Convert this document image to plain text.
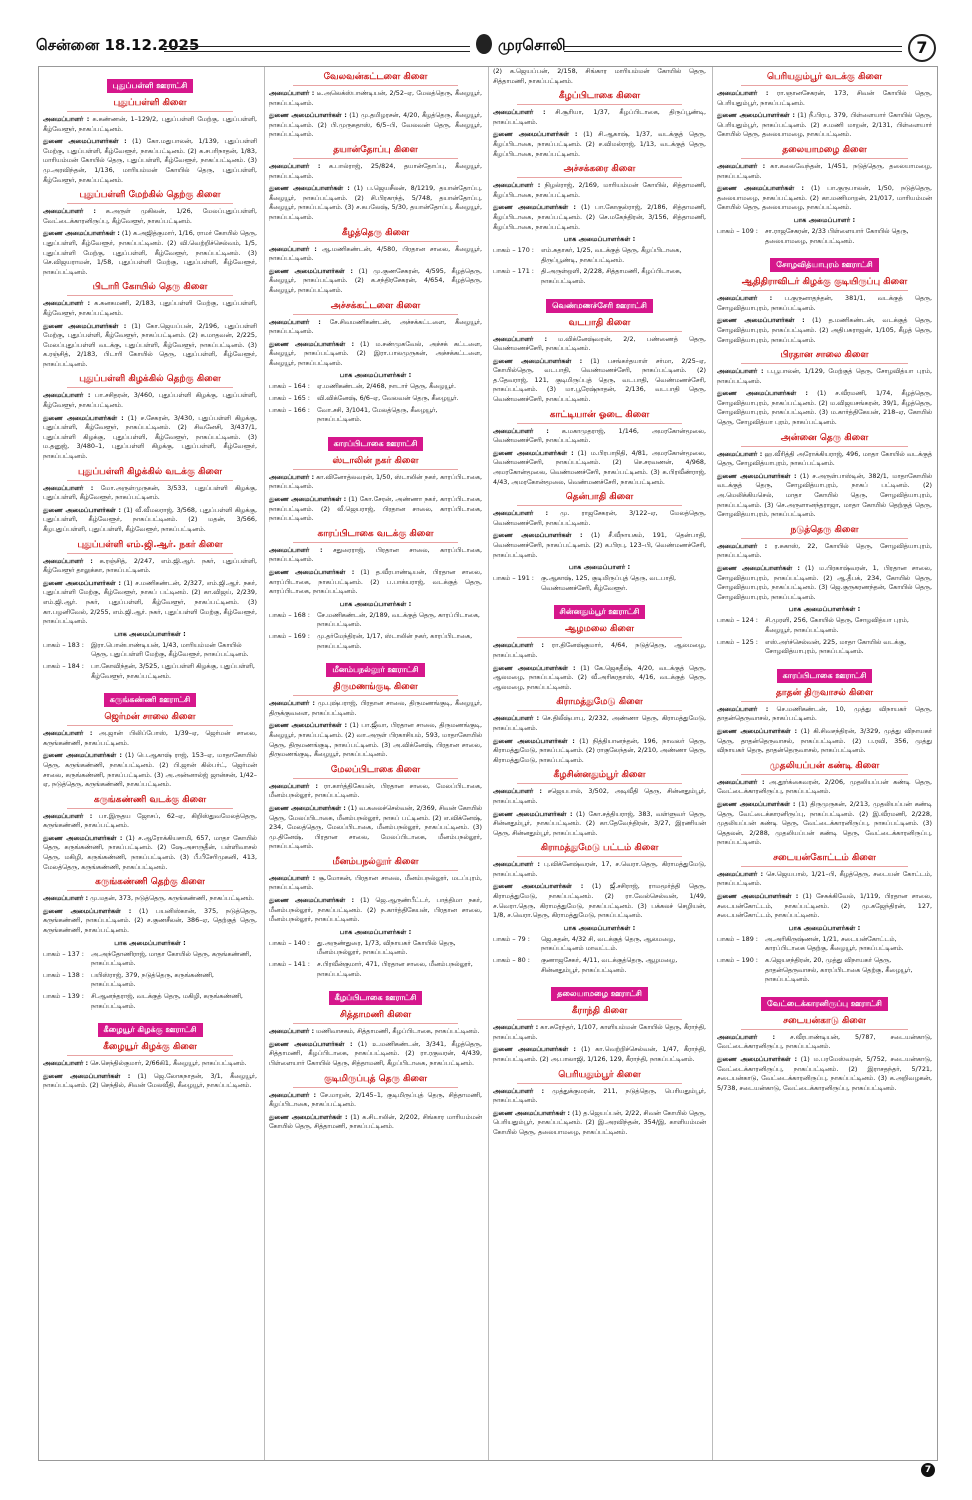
சென்னை 18.12.2025	முரசொலி	7
புதுப்பள்ளி ஊராட்சி
புதுப்பள்ளி கிளை
அமைப்பாளர் : க.கண்ணன், 1–129/2, புதுப்பள்ளி மேற்கு, புதுப்பள்ளி, கீழ்வேளூர், நாகப்பட்டினம்.
துணை அமைப்பாளர்கள் : (1) கோ.மதுபாலன், 1/139, புதுப்பள்ளி மேற்கு, புதுப்பள்ளி, கீழ்வேளூர், நாகப்பட்டினம். (2) க.சபரிநாதன், 1/83, மாரியம்மன் கோயில் தெரு, புதுப்பள்ளி, கீழ்வேளூர், நாகப்பட்டினம். (3) மு.அரவிந்தன், 1/136, மாரியம்மன் கோயில் தெரு, புதுப்பள்ளி, கீழ்வேளூர், நாகப்பட்டினம்.
புதுப்பள்ளி மேற்கில் தெற்கு கிளை
அமைப்பாளர் : க.அருள் முகிலன், 1/26, மேலப்புதுப்பள்ளி, வேட்டைக்காரனிருப்பு, கீழ்வேளூர், நாகப்பட்டினம்.
துணை அமைப்பாளர்கள் : (1) க.அஜித்குமார், 1/16, ராமர் கோயில் தெரு, புதுப்பள்ளி, கீழ்வேளூர், நாகப்பட்டினம். (2) வி.வெற்றிச்செல்வம், 1/5, புதுப்பள்ளி மேற்கு, புதுப்பள்ளி, கீழ்வேளூர், நாகப்பட்டினம். (3) செ.விஜயராமன், 1/58, புதுப்பள்ளி மேற்கு, புதுப்பள்ளி, கீழ்வேளூர், நாகப்பட்டினம்.
பிடாரி கோயில் தெரு கிளை
அமைப்பாளர் : க.கனகமணி, 2/183, புதுப்பள்ளி மேற்கு, புதுப்பள்ளி, கீழ்வேளூர், நாகப்பட்டினம்.
துணை அமைப்பாளர்கள் : (1) கோ.ஜெயப்பன், 2/196, புதுப்பள்ளி மேற்கு, புதுப்பள்ளி, கீழ்வேளூர், நாகப்பட்டினம். (2) க.மாதவன், 2/225, மேலப்புதுப்பள்ளி வடக்கு, புதுப்பள்ளி, கீழ்வேளூர், நாகப்பட்டினம். (3) க.ரஞ்சித், 2/183, பிடாரி கோயில் தெரு, புதுப்பள்ளி, கீழ்வேளூர், நாகப்பட்டினம்.
புதுப்பள்ளி கிழக்கில் தெற்கு கிளை
அமைப்பாளர் : பா.சசிதரன், 3/460, புதுப்பள்ளி கிழக்கு, புதுப்பள்ளி, கீழ்வேளூர், நாகப்பட்டினம்.
துணை அமைப்பாளர்கள் : (1) ச.சேகரன், 3/430, புதுப்பள்ளி கிழக்கு, புதுப்பள்ளி, கீழ்வேளூர், நாகப்பட்டினம். (2) சிவனேசி, 3/437/1, புதுப்பள்ளி கிழக்கு, புதுப்பள்ளி, கீழ்வேளூர், நாகப்பட்டினம். (3) ம.தனுஜ், 3/480–1, புதுப்பள்ளி கிழக்கு, புதுப்பள்ளி, கீழ்வேளூர், நாகப்பட்டினம்.
புதுப்பள்ளி கிழக்கில் வடக்கு கிளை
அமைப்பாளர் : மோ.அருள்முருகன், 3/533, புதுப்பள்ளி கிழக்கு, புதுப்பள்ளி, கீழ்வேளூர், நாகப்பட்டினம்.
துணை அமைப்பாளர்கள் : (1) வீ.வீமலராஜ், 3/568, புதுப்பள்ளி கிழக்கு, புதுப்பள்ளி, கீழ்வேளூர், நாகப்பட்டினம். (2) மதன், 3/566, கீழபுதுப்பள்ளி, புதுப்பள்ளி, கீழ்வேளூர், நாகப்பட்டினம்.
புதுப்பள்ளி எம்.ஜி.ஆர். நகர் கிளை
அமைப்பாளர் : க.ரஞ்சித், 2/247, எம்.ஜி.ஆர். நகர், புதுப்பள்ளி, கீழ்வேளூர் தாலுக்கா, நாகப்பட்டினம்.
துணை அமைப்பாளர்கள் : (1) ச.மணிகண்டன், 2/327, எம்.ஜி.ஆர். நகர், புதுப்பள்ளி மேற்கு, கீழ்வேளூர், நாகப் பட்டினம். (2) கா.விஜய், 2/239, எம்.ஜி.ஆர். நகர், புதுப்பள்ளி, கீழ்வேளூர், நாகப்பட்டினம். (3) கா.பழனிவேல், 2/255, எம்.ஜி.ஆர். நகர், புதுப்பள்ளி மேற்கு, கீழ்வேளூர், நாகப்பட்டினம்.
பாக அமைப்பாளர்கள் :
பாகம் – 183 :	இரா.பொன்பாண்டியன், 1/43, மாரியம்மன் கோயில் தெரு, புதுப்பள்ளி மேற்கு, கீழ்வேளூர், நாகப்பட்டினம்.
பாகம் – 184 :	பா.கோவிந்தன், 3/525, புதுப்பள்ளி கிழக்கு, புதுப்பள்ளி, கீழ்வேளூர், நாகப்பட்டினம்.
கருங்கண்ணி ஊராட்சி
ஜெர்மன் சாலை கிளை
அமைப்பாளர் : அ.ஜான் பிலிப்போஸ், 1/39–ஏ, ஜெர்மன் சாலை, கருங்கண்ணி, நாகப்பட்டினம்.
துணை அமைப்பாளர்கள் : (1) பெ.ஆகாஷ் ராஜ், 153–ஏ, மாதாகோயில் தெரு, கருங்கண்ணி, நாகப்பட்டினம். (2) பி.ஜான் கில்பர்ட், ஜெர்மன் சாலை, கருங்கண்ணி, நாகப்பட்டினம். (3) அ.அன்னால்ஜ் ஜான்சன், 1/42–ஏ, நடுத்தெரு, கருங்கண்ணி, நாகப்பட்டினம்.
கருங்கண்ணி வடக்கு கிளை
அமைப்பாளர் : பா.இருதய ஜோசப், 62–ஏ, கிறிஸ்துவமேலத்தெரு, கருங்கண்ணி, நாகப்பட்டினம்.
துணை அமைப்பாளர்கள் : (1) ச.ஆரோக்கியசாமி, 657, மாதா கோயில் தெரு, கருங்கண்ணி, நாகப்பட்டினம். (2) ஷே.அசாருதீன், பள்ளிவாசல் தெரு, மகிழி, கருங்கண்ணி, நாகப்பட்டினம். (3) பீ.பீசேரிமுகனி, 413, மேலத்தெரு, கருங்கண்ணி, நாகப்பட்டினம்.
கருங்கண்ணி தெற்கு கிளை
அமைப்பாளர் : மு.மதன், 373, நடுத்தெரு, கருங்கண்ணி, நாகப்பட்டினம்.
துணை அமைப்பாளர்கள் : (1) பயனிஸ்கான், 375, நடுத்தெரு, கருங்கண்ணி, நாகப்பட்டினம். (2) ச.குணசீலன், 386–ஏ, தெற்குத் தெரு, கருங்கண்ணி, நாகப்பட்டினம்.
பாக அமைப்பாளர்கள் :
பாகம் – 137 :	அ.அந்தோணிராஜ், மாதா கோயில் தெரு, கருங்கண்ணி, நாகப்பட்டினம்.
பாகம் – 138 :	பயிஸ்ராஜ், 379, நடுத்தெரு, கருங்கண்ணி, நாகப்பட்டினம்.
பாகம் – 139 :	சி.ஆனந்தராஜ், வடக்குத் தெரு, மகிழி, கருங்கண்ணி, நாகப்பட்டினம்.
கீழையூர் கிழக்கு ஊராட்சி
கீழையூர் கிழக்கு கிளை
அமைப்பாளர் : செ.செந்தில்குமார், 2/66கி1, கீழையூர், நாகப்பட்டினம்.
துணை அமைப்பாளர்கள் : (1) ஜெ.லோகநாதன், 3/1, கீழையூர், நாகப்பட்டினம். (2) செந்தில், சிவன் மேலவீதி, கீழையூர், நாகப்பட்டினம்.
வேலவன்கட்டளை கிளை
அமைப்பாளர் : டீ.அலெக்ஸ்பாண்டியன், 2/52–ஏ, மேலத்தெரு, கீழையூர், நாகப்பட்டினம்.
துணை அமைப்பாளர்கள் : (1) மு.தமிழரசன், 4/20, கீழத்தெரு, கீழையூர், நாகப்பட்டினம். (2) பி.முருகதாஸ், 6/5–பி, வேலவன் தெரு, கீழையூர், நாகப்பட்டினம்.
தயான்தோப்பு கிளை
அமைப்பாளர் : க.பால்ராஜ், 25/824, தயான்தோப்பு, கீழையூர், நாகப்பட்டினம்.
துணை அமைப்பாளர்கள் : (1) ப.ஜெயசீலன், 8/1219, தயான்தோப்பு, கீழையூர், நாகப்பட்டினம். (2) சி.பிரகாந்த், 5/748, தயான்தோப்பு, கீழையூர், நாகப்பட்டினம். (3) ச.கபலேஷ், 5/30, தயான்தோப்பு, கீழையூர், நாகப்பட்டினம்.
கீழத்தெரு கிளை
அமைப்பாளர் : ஆ.மணிகண்டன், 4/580, பிரதான சாலை, கீழையூர், நாகப்பட்டினம்.
துணை அமைப்பாளர்கள் : (1) மு.குணசேகரன், 4/595, கீழத்தெரு, கீழையூர், நாகப்பட்டினம். (2) க.சந்திரசேகரன், 4/654, கீழத்தெரு, கீழையூர், நாகப்பட்டினம்.
அச்சக்கட்டளை கிளை
அமைப்பாளர் : சே.சிவமணிகண்டன், அச்சக்கட்டளை, கீழையூர், நாகப்பட்டினம்.
துணை அமைப்பாளர்கள் : (1) ம.சண்முகவேல், அச்சக் கட்டளை, கீழையூர், நாகப்பட்டினம். (2) இரா.பாலமுருகன், அச்சக்கட்டளை, கீழையூர், நாகப்பட்டினம்.
பாக அமைப்பாளர்கள் :
பாகம் – 164 :	ஏ.மணிகண்டன், 2/468, நாடார் தெரு, கீழையூர்.
பாகம் – 165 :	வி.விக்னேஷ், 6/6–ஏ, வேலவன் தெரு, கீழையூர்.
பாகம் – 166 :	வோ.சசி, 3/1041, மேலத்தெரு, கீழையூர், நாகப்பட்டினம்.
காரப்பிடாகை ஊராட்சி
ஸ்டாலின் நகர் கிளை
அமைப்பாளர் : கா.வினோத்லவரன், 1/50, ஸ்டாலின் நகர், காரப்பிடாகை, நாகப்பட்டினம்.
துணை அமைப்பாளர்கள் : (1) கோ.சேரன், அண்ணா நகர், காரப்பிடாகை, நாகப்பட்டினம். (2) வீ.ஜெயராஜ், பிரதான சாலை, காரப்பிடாகை, நாகப்பட்டினம்.
காரப்பிடாகை வடக்கு கிளை
அமைப்பாளர் : சதுரைராஜ், பிரதான சாலை, காரப்பிடாகை, நாகப்பட்டினம்.
துணை அமைப்பாளர்கள் : (1) த.வீரபாண்டியன், பிரதான சாலை, காரப்பிடாகை, நாகப்பட்டினம். (2) ப.பாக்யராஜ், வடக்குத் தெரு, காரப்பிடாகை, நாகப்பட்டினம்.
பாக அமைப்பாளர்கள் :
பாகம் – 168 :	சே.மணிகண்டன், 2/189, வடக்குத் தெரு, காரப்பிடாகை, நாகப்பட்டினம்.
பாகம் – 169 :	மு.தர்மேந்திரன், 1/17, ஸ்டாலின் நகர், காரப்பிடாகை, நாகப்பட்டினம்.
மீனம்பநல்லூர் ஊராட்சி
திருமணங்குடி கிளை
அமைப்பாளர் : மு.புஷ்பராஜ், பிரதான சாலை, திருமணங்குடி, கீழையூர், திருக்குவளை, நாகப்பட்டினம்.
துணை அமைப்பாளர்கள் : (1) பா.ஜீவா, பிரதான சாலை, திருமணங்குடி, கீழையூர், நாகப்பட்டினம். (2) வா.அருள் பிரகாசியம், 593, மாதாகோயில் தெரு, திருமணங்குடி, நாகப்பட்டினம். (3) அ.விக்னேஷ், பிரதான சாலை, திருமணங்குடி, கீழையூர், நாகப்பட்டினம்.
மேலப்பிடாகை கிளை
அமைப்பாளர் : ரா.கார்த்திகேயன், பிரதான சாலை, மேலப்பிடாகை, மீனம்பநல்லூர், நாகப்பட்டினம்.
துணை அமைப்பாளர்கள் : (1) வ.கலைச்செல்வன், 2/369, சிவன் கோயில் தெரு, மேலப்பிடாகை, மீனம்பநல்லூர், நாகப் பட்டினம். (2) எ.விக்னேஷ், 234, மேலத்தெரு, மேலப்பிடாகை, மீனம்பநல்லூர், நாகப்பட்டினம். (3) மு.தினேஷ், பிரதான சாலை, மேலப்பிடாகை, மீனம்பநல்லூர், நாகப்பட்டினம்.
மீனம்பநல்லூர் கிளை
அமைப்பாளர் : சூ.மோகன், பிரதான சாலை, மீனம்பநல்லூர், மடப்புரம், நாகப்பட்டினம்.
துணை அமைப்பாளர்கள் : (1) ஜெ.ஆருண்பீட்டர், பாத்திமா நகர், மீனம்பநல்லூர், நாகப்பட்டினம். (2) ந.கார்த்திகேயன், பிரதான சாலை, மீனம்பநல்லூர், நாகப்பட்டினம்.
பாக அமைப்பாளர்கள் :
பாகம் – 140 :	து.அருண்துரை, 1/73, விநாயகர் கோயில் தெரு, மீனம்பநல்லூர், நாகப்பட்டினம்.
பாகம் – 141 :	ச.பிரவீன்குமார், 471, பிரதான சாலை, மீனம்பநல்லூர், நாகப்பட்டினம்.
கீழப்பிடாகை ஊராட்சி
சித்தாமணி கிளை
அமைப்பாளர் : மணிவாசகம், சித்தாமணி, கீழப்பிடாகை, நாகப்பட்டினம்.
துணை அமைப்பாளர்கள் : (1) உ.மணிகண்டன், 3/341, கீழத்தெரு, சித்தாமணி, கீழப்பிடாகை, நாகப்பட்டினம். (2) ரா.ரகுவரன், 4/439, பிள்ளையார் கோயில் தெரு, சித்தாமணி, கீழப்பிடாகை, நாகப்பட்டினம்.
குடிமிருப்புத் தெரு கிளை
அமைப்பாளர் : சே.மாறன், 2/145–1, குடிமிருப்புத் தெரு, சித்தாமணி, கீழப்பிடாகை, நாகப்பட்டினம்.
துணை அமைப்பாளர்கள் : (1) க.சிடாலின், 2/202, சிங்கார மாரியம்மன் கோயில் தெரு, சித்தாமணி, நாகப்பட்டினம்.
(2) க.ஜெயப்பன், 2/158, சிங்கார மாரியம்மன் கோயில் தெரு, சித்தாமணி, நாகப்பட்டினம்.
கீழப்பிடாகை கிளை
அமைப்பாளர் : சி.சூரியா, 1/37, கீழப்பிடாகை, திருப்பூண்டி, நாகப்பட்டினம்.
துணை அமைப்பாளர்கள் : (1) சி.ஆகாஷ், 1/37, வடக்குத் தெரு, கீழப்பிடாகை, நாகப்பட்டினம். (2) ச.விமல்ராஜ், 1/13, வடக்குத் தெரு, கீழப்பிடாகை, நாகப்பட்டினம்.
அச்சக்கரை கிளை
அமைப்பாளர் : நிழல்ராஜ், 2/169, மாரியம்மன் கோயில், சித்தாமணி, கீழப்பிடாகை, நாகப்பட்டினம்.
துணை அமைப்பாளர்கள் : (1) பா.கோகுல்ராஜ், 2/186, சித்தாமணி, கீழப்பிடாகை, நாகப்பட்டினம். (2) செ.மகேந்திரன், 3/156, சித்தாமணி, கீழப்பிடாகை, நாகப்பட்டினம்.
பாக அமைப்பாளர்கள் :
பாகம் – 170 :	எம்.சுதாகர், 1/25, வடக்குத் தெரு, கீழப்பிடாகை, திருப்பூண்டி, நாகப்பட்டினம்.
பாகம் – 171 :	தி.அருள்ஒளி, 2/228, சித்தாமணி, கீழப்பிடாகை, நாகப்பட்டினம்.
வெண்மணச்சேரி ஊராட்சி
வடபாதி கிளை
அமைப்பாளர் : ம.விக்னேஷ்வரன், 2/2, பண்ணைத் தெரு, வெண்மணச்சேரி, நாகப்பட்டினம்.
துணை அமைப்பாளர்கள் : (1) பசங்கர்தயாள் சர்மா, 2/25–ஏ, கோயில்தெரு, வடபாதி, வெண்மணச்சேரி, நாகப்பட்டினம். (2) த.தேவராஜ், 121, குடிமிருப்புத் தெரு, வடபாதி, வெண்மணச்சேரி, நாகப்பட்டினம். (3) மா.பூரேஷ்நாதன், 2/136, வடபாதி தெரு, வெண்மணச்சேரி, நாகப்பட்டினம்.
காட்டியான் ஓடை கிளை
அமைப்பாளர் : க.மகாமுதராஜ், 1/146, அமரகோன்மூலை, வெண்மணச்சேரி, நாகப்பட்டினம்.
துணை அமைப்பாளர்கள் : (1) ம.பிரபாநிதி, 4/81, அமரகோன்மூலை, வெண்மணச்சேரி, நாகப்பட்டினம். (2) செ.சரவணன், 4/968, அமரகோன்மூலை, வெண்மணச்சேரி, நாகப்பட்டினம். (3) க.பிரவீண்ராஜ், 4/43, அமரகோன்மூலை, வெண்மணச்சேரி, நாகப்பட்டினம்.
தென்பாதி கிளை
அமைப்பாளர் : மு. ராஜசேகரன், 3/122–ஏ, மேலத்தெரு, வெண்மணச்சேரி, நாகப்பட்டினம்.
துணை அமைப்பாளர்கள் : (1) சீ.வீநாயகம், 191, தென்பாதி, வெண்மணச்சேரி, நாகப்பட்டினம். (2) க.பிரபு, 123–பி, வெண்மணச்சேரி, நாகப்பட்டினம்.
பாக அமைப்பாளர் :
பாகம் – 191 :	கு.ஆகாஷ், 125, குடிமிருப்புத் தெரு, வடபாதி, வெண்மணச்சேரி, கீழ்வேளூர்.
சின்னதும்பூர் ஊராட்சி
ஆழமலை கிளை
அமைப்பாளர் : ரா.தினேஷ்குமார், 4/64, நடுத்தெரு, ஆலமழை, நாகப்பட்டினம்.
துணை அமைப்பாளர்கள் : (1) கே.ஜெகதீஷ், 4/20, வடக்குத் தெரு, ஆலமழை, நாகப்பட்டினம். (2) வீ.அரிகரதாஸ், 4/16, வடக்குத் தெரு, ஆலமழை, நாகப்பட்டினம்.
கிராமத்துமேடு கிளை
அமைப்பாளர் : செ.திலீஷ்பாபு, 2/232, அண்ணா தெரு, கிராமத்துமேடு, நாகப்பட்டினம்.
துணை அமைப்பாளர்கள் : (1) நித்தியானந்தன், 196, நாவலர் தெரு, கிராமத்துமேடு, நாகப்பட்டினம். (2) ராகுலேந்தன், 2/210, அண்ணா தெரு, கிராமத்துமேடு, நாகப்பட்டினம்.
கீழசின்னதும்பூர் கிளை
அமைப்பாளர் : சஜெயபால், 3/502, அடிவீதி தெரு, சின்னதும்பூர், நாகப்பட்டினம்.
துணை அமைப்பாளர்கள் : (1) கோ.சத்தியராஜ், 383, வள்ளுவர் தெரு, சின்னதும்பூர், நாகப்பட்டினம். (2) கா.தேவேந்திரன், 3/27, இரணியன் தெரு, சின்னதும்பூர், நாகப்பட்டினம்.
கிராமத்துமேடு பட்டம் கிளை
அமைப்பாளர் : பு.விக்னேஷ்வரன், 17, ச.வெரா.தெரு, கிராமத்துமேடு, நாகப்பட்டினம்.
துணை அமைப்பாளர்கள் : (1) ஜீ.சசிராஜ், ராமமூர்த்தி தெரு, கிராமத்துமேடு, நாகப்பட்டினம். (2) ரா.வேல்செல்வன், 1/49, ச.வெரா.தெரு, கிராமத்துமேடு, நாகப்பட்டினம். (3) பக்கலச் செழியன், 1/8, ச.வெரா.தெரு, கிராமத்துமேடு, நாகப்பட்டினம்.
பாக அமைப்பாளர்கள் :
பாகம் – 79 :	ஜெ.சுதன், 4/32 சி, வடக்குத் தெரு, ஆலமழை, நாகப்பட்டினம் மாவட்டம்.
பாகம் – 80 :	குணாஜசேகர், 4/11, வடக்குத்தெரு, ஆழமழை, சின்னதும்பூர், நாகப்பட்டினம்.
தலையாமழை ஊராட்சி
கீராந்தி கிளை
அமைப்பாளர் : கா.சுரேந்தர், 1/107, காளியம்மன் கோயில் தெரு, கீராந்தி, நாகப்பட்டினம்.
துணை அமைப்பாளர்கள் : (1) கா.வெற்றிச்செல்வன், 1/47, கீராந்தி, நாகப்பட்டினம். (2) அ.பாலாஜி, 1/126, 129, கீராந்தி, நாகப்பட்டினம்.
பெரியதும்பூர் கிளை
அமைப்பாளர் : முத்துக்குமரன், 211, நடுத்தெரு, பெரியதும்பூர், நாகப்பட்டினம்.
துணை அமைப்பாளர்கள் : (1) த.ஜெயப்பன், 2/22, சிவன் கோயில் தெரு, பெரியதும்பூர், நாகப்பட்டினம். (2) இ.அரவிந்தன், 354/இ, காளியம்மன் கோயில் தெரு, தலையாமழை, நாகப்பட்டினம்.
பெரியதும்பூர் வடக்கு கிளை
அமைப்பாளர் : ரா.ஞானசேகரன், 173, சிவன் கோயில் தெரு, பெரியதும்பூர், நாகப்பட்டினம்.
துணை அமைப்பாளர்கள் : (1) நீ.பிரபு, 379, பிள்ளையார் கோயில் தெரு, பெரியதும்பூர், நாகப்பட்டினம். (2) ச.மணி மாறன், 2/131, பிள்ளையார் கோயில் தெரு, தலையாமழை, நாகப்பட்டினம்.
தலையாமழை கிளை
அமைப்பாளர் : கா.கலைவேந்தன், 1/451, நடுத்தெரு, தலையாமழை, நாகப்பட்டினம்.
துணை அமைப்பாளர்கள் : (1) பா.குருபாலன், 1/50, நடுத்தெரு, தலையாமழை, நாகப்பட்டினம். (2) கா.மணிமாறன், 21/017, மாரியம்மன் கோயில் தெரு, தலையாமழை, நாகப்பட்டினம்.
பாக அமைப்பாளர் :
பாகம் – 109 :	சா.ராஜசேகரன், 2/33 பிள்ளையார் கோயில் தெரு, தலையாமழை, நாகப்பட்டினம்.
சோழவித்யாபுரம் ஊராட்சி
ஆதிதிராவிடர் கிழக்கு குடியிருப்பு கிளை
அமைப்பாளர் : ப.குருனாதந்தன், 381/1, வடக்குத் தெரு, சோழவித்யாபுரம், நாகப்பட்டினம்.
துணை அமைப்பாளர்கள் : (1) த.மணிகண்டன், வடக்குத் தெரு, சோழவித்யாபுரம், நாகப்பட்டினம். (2) அதிபசுராஜன், 1/105, கீழத் தெரு, சோழவித்யாபுரம், நாகப்பட்டினம்.
பிரதான சாலை கிளை
அமைப்பாளர் : ப.பூபாலன், 1/129, மேற்குத் தெரு, சோழவித்யா புரம், நாகப்பட்டினம்.
துணை அமைப்பாளர்கள் : (1) ச.வீரமணி, 1/74, கீழத்தெரு, சோழவித்யாபுரம், நாகப்பட்டினம். (2) ம.விஜயசங்கரன், 39/1, கீழத்தெரு, சோழவித்யாபுரம், நாகப்பட்டினம். (3) ம.கார்த்திகேயன், 218–ஏ, கோயில் தெரு, சோழவித்யா புரம், நாகப்பட்டினம்.
அன்னை தெரு கிளை
அமைப்பாளர் : ஹ.வீரித்தி அரோக்கியராஜ், 496, மாதா கோயில் வடக்குத் தெரு, சோழவித்யாபுரம், நாகப்பட்டினம்.
துணை அமைப்பாளர்கள் : (1) ச.அருள்பாஸ்டின், 382/1, மாதாகோயில் வடக்குத் தெரு, சோழவித்யாபுரம், நாகப் பட்டினம். (2) அ.மெலிக்கியசெல், மாதா கோயில் தெரு, சோழவித்யாபுரம், நாகப்பட்டினம். (3) செ.அருளானந்தராஜா, மாதா கோயில் தெற்குத் தெரு, சோழவித்யாபுரம், நாகப்பட்டினம்.
நடுத்தெரு கிளை
அமைப்பாளர் : ர.சுகாஸ், 22, கோயில் தெரு, சோழவித்யாபுரம், நாகப்பட்டினம்.
துணை அமைப்பாளர்கள் : (1) ம.பிரகாஷ்வரன், 1, பிரதான சாலை, சோழவித்யாபுரம், நாகப்பட்டினம். (2) ஆ.தீபக், 234, கோயில் தெரு, சோழவித்யாபுரம், நாகப்பட்டினம். (3) ஜெ.குருகரணந்தன், கோயில் தெரு, சோழவித்யாபுரம், நாகப்பட்டினம்.
பாக அமைப்பாளர்கள் :
பாகம் – 124 :	சி.முரளி, 256, கோயில் தெரு, சோழவித்யா புரம், கீழையூர், நாகப்பட்டினம்.
பாகம் – 125 :	எஸ்.அர்ச்செல்வன், 225, மாதா கோயில் வடக்கு, சோழவித்யாபுரம், நாகப்பட்டினம்.
காரப்பிடாகை ஊராட்சி
தாதன் திருவாசல் கிளை
அமைப்பாளர் : செ.மணிகண்டன், 10, முத்து விநாயகர் தெரு, தாதன்தெருவாசல், நாகப்பட்டினம்.
துணை அமைப்பாளர்கள் : (1) கி.சிவசந்திரன், 3/329, முத்து விநாயகர் தெரு, தாதன்தெருவாசல், நாகப்பட்டினம். (2) ப.ரவி, 356, முத்து விநாயகர் தெரு, தாதன்தெருவாசல், நாகப்பட்டினம்.
முதலியப்பன் கண்டி கிளை
அமைப்பாளர் : அ.தூர்க்கைவரன், 2/206, முதலியப்பன் கண்டி தெரு, வேட்டைக்காரனிருப்பு, நாகப்பட்டினம்.
துணை அமைப்பாளர்கள் : (1) திருமுருகன், 2/213, முதலியப்பன் கண்டி தெரு, வேட்டைக்காரனிருப்பு, நாகப்பட்டினம். (2) இ.வீரமணி, 2/228, முதலியப்பன் கண்டி தெரு, வேட்டைக்காரனிருப்பு, நாகப்பட்டினம். (3) தெதலன், 2/288, முதலியப்பன் கண்டி தெரு, வேட்டைக்காரனிருப்பு, நாகப்பட்டினம்.
சடையன்கோட்டம் கிளை
அமைப்பாளர் : செ.ஜெயபால், 1/21–பி, கீழத்தெரு, சடையன் கோட்டம், நாகப்பட்டினம்.
துணை அமைப்பாளர்கள் : (1) சேசுக்கிவேல், 1/119, பிரதான சாலை, சடையன்கோட்டம், நாகப்பட்டினம். (2) மு.கஜேந்திரன், 127, சடையன்கோட்டம், நாகப்பட்டினம்.
பாக அமைப்பாளர்கள் :
பாகம் – 189 :	அ.அரிகிருஷ்ணன், 1/21, சடையன்கோட்டம், காரப்பிடாகை தெற்கு, கீழையூர், நாகப்பட்டினம்.
பாகம் – 190 :	க.ஜெயசந்திரன், 20, முத்து விநாயகர் தெரு, தாதன்தெருவாசல், காரப்பிடாகை தெற்கு, கீழையூர், நாகப்பட்டினம்.
வேட்டைக்காரனிருப்பு ஊராட்சி
சடையன்காடு கிளை
அமைப்பாளர் : ச.வீரபாண்டியன், 5/787, சடையன்காடு, வேட்டைக்காரனிருப்பு, நாகப்பட்டினம்.
துணை அமைப்பாளர்கள் : (1) ம.பரமேஸ்வரன், 5/752, சடையன்காடு, வேட்டைக்காரனிருப்பு, நாகப்பட்டினம். (2) இராசதந்தர், 5/721, சடையன்காடு, வேட்டைக்காரனிருப்பு, நாகப்பட்டினம். (3) க.அறிவழகன், 5/738, சடையன்காடு, வேட்டைக்காரனிருப்பு, நாகப்பட்டினம்.
7
